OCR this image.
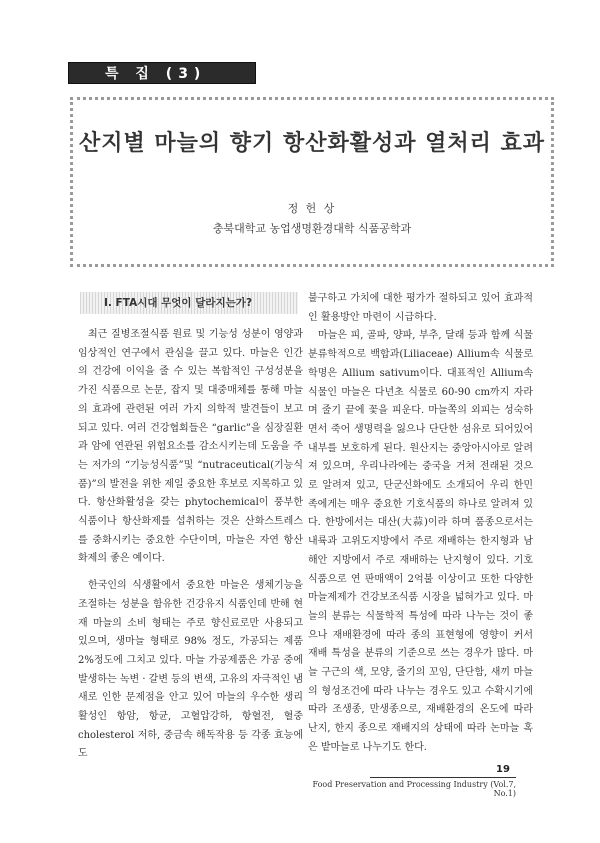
특 집 (3)
산지별 마늘의 향기 항산화활성과 열처리 효과
정 헌 상
충북대학교 농업생명환경대학 식품공학과
Ⅰ. FTA시대 무엇이 달라지는가?

최근 질병조절식품 원료 및 기능성 성분이 영양과 임상적인 연구에서 관심을 끌고 있다. 마늘은 인간의 건강에 이익을 줄 수 있는 복합적인 구성성분을 가진 식품으로 논문, 잡지 및 대중매체를 통해 마늘의 효과에 관련된 여러 가지 의학적 발견들이 보고되고 있다. 여러 건강협회들은 “garlic”을 심장질환과 암에 연관된 위험요소를 감소시키는데 도움을 주는 저가의 “기능성식품”및 “nutraceutical(기능식품)”의 발전을 위한 제일 중요한 후보로 지목하고 있다. 항산화활성을 갖는 phytochemical이 풍부한 식품이나 항산화제를 섭취하는 것은 산화스트레스를 중화시키는 중요한 수단이며, 마늘은 자연 항산화제의 좋은 예이다.

한국인의 식생활에서 중요한 마늘은 생체기능을 조절하는 성분을 함유한 건강유지 식품인데 반해 현재 마늘의 소비 형태는 주로 향신료로만 사용되고 있으며, 생마늘 형태로 98% 정도, 가공되는 제품 2%정도에 그치고 있다. 마늘 가공제품은 가공 중에 발생하는 녹변 · 갈변 등의 변색, 고유의 자극적인 냄새로 인한 문제점을 안고 있어 마늘의 우수한 생리활성인 항암, 항균, 고혈압강하, 항혈전, 혈중 cholesterol 저하, 중금속 해독작용 등 각종 효능에도

불구하고 가치에 대한 평가가 절하되고 있어 효과적인 활용방안 마련이 시급하다.

마늘은 피, 골파, 양파, 부추, 달래 등과 함께 식물 분류학적으로 백합과(Liliaceae) Allium속 식물로 학명은 Allium sativum이다. 대표적인 Allium속 식물인 마늘은 다년초 식물로 60-90 cm까지 자라며 줄기 끝에 꽃을 피운다. 마늘쪽의 외피는 성숙하면서 죽어 생명력을 잃으나 단단한 섬유로 되어있어 내부를 보호하게 된다. 원산지는 중앙아시아로 알려져 있으며, 우리나라에는 중국을 거쳐 전래된 것으로 알려져 있고, 단군신화에도 소개되어 우리 한민족에게는 매우 중요한 기호식품의 하나로 알려져 있다. 한방에서는 대산(大蒜)이라 하며 품종으로서는 내륙과 고위도지방에서 주로 재배하는 한지형과 남해안 지방에서 주로 재배하는 난지형이 있다. 기호식품으로 연 판매액이 2억불 이상이고 또한 다양한 마늘제제가 건강보조식품 시장을 넓혀가고 있다. 마늘의 분류는 식물학적 특성에 따라 나누는 것이 좋으나 재배환경에 따라 종의 표현형에 영향이 커서 재배 특성을 분류의 기준으로 쓰는 경우가 많다. 마늘 구근의 색, 모양, 줄기의 꼬임, 단단함, 새끼 마늘의 형성조건에 따라 나누는 경우도 있고 수확시기에 따라 조생종, 만생종으로, 재배환경의 온도에 따라 난지, 한지 종으로 재배지의 상태에 따라 논마늘 혹은 밭마늘로 나누기도 한다.

19
Food Preservation and Processing Industry (Vol.7, No.1)
